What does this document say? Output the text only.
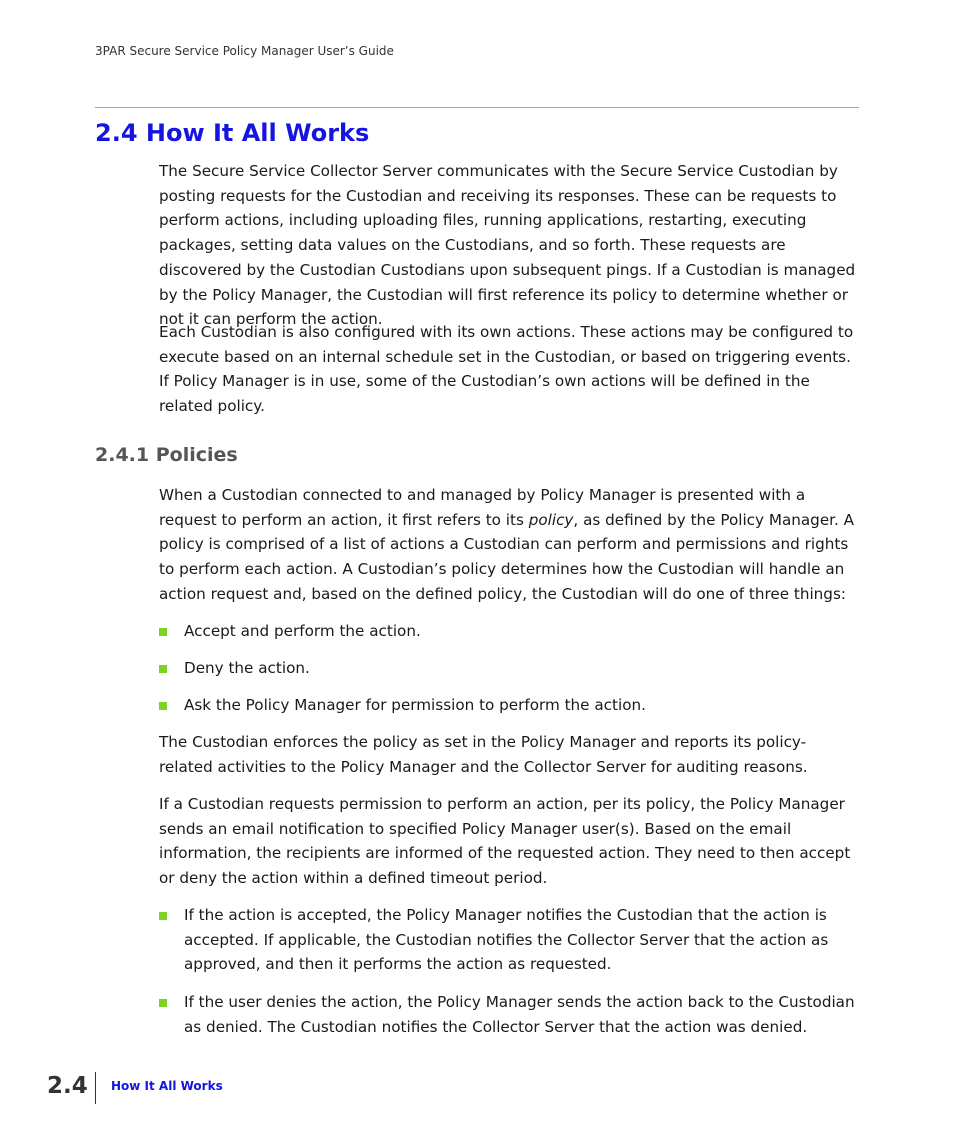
3PAR Secure Service Policy Manager User’s Guide
2.4 How It All Works

The Secure Service Collector Server communicates with the Secure Service Custodian by posting requests for the Custodian and receiving its responses. These can be requests to perform actions, including uploading files, running applications, restarting, executing packages, setting data values on the Custodians, and so forth. These requests are discovered by the Custodian Custodians upon subsequent pings. If a Custodian is managed by the Policy Manager, the Custodian will first reference its policy to determine whether or not it can perform the action.

Each Custodian is also configured with its own actions. These actions may be configured to execute based on an internal schedule set in the Custodian, or based on triggering events. If Policy Manager is in use, some of the Custodian’s own actions will be defined in the related policy.

2.4.1 Policies

When a Custodian connected to and managed by Policy Manager is presented with a request to perform an action, it first refers to its policy, as defined by the Policy Manager. A policy is comprised of a list of actions a Custodian can perform and permissions and rights to perform each action. A Custodian’s policy determines how the Custodian will handle an action request and, based on the defined policy, the Custodian will do one of three things:

Accept and perform the action.
Deny the action.
Ask the Policy Manager for permission to perform the action.

The Custodian enforces the policy as set in the Policy Manager and reports its policy-related activities to the Policy Manager and the Collector Server for auditing reasons.

If a Custodian requests permission to perform an action, per its policy, the Policy Manager sends an email notification to specified Policy Manager user(s). Based on the email information, the recipients are informed of the requested action. They need to then accept or deny the action within a defined timeout period.

If the action is accepted, the Policy Manager notifies the Custodian that the action is accepted. If applicable, the Custodian notifies the Collector Server that the action as approved, and then it performs the action as requested.
If the user denies the action, the Policy Manager sends the action back to the Custodian as denied. The Custodian notifies the Collector Server that the action was denied.
2.4 How It All Works
